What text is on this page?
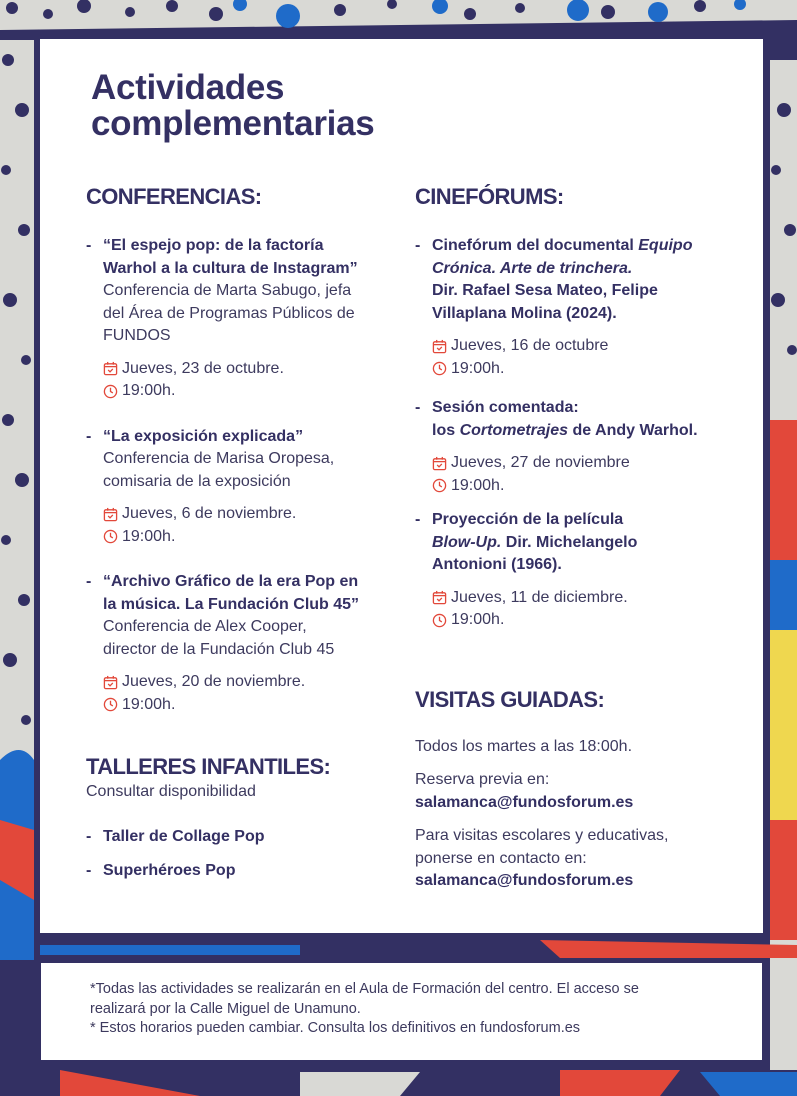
Actividades
complementarias
CONFERENCIAS:
- “El espejo pop: de la factoría
Warhol a la cultura de Instagram”
Conferencia de Marta Sabugo, jefa
del Área de Programas Públicos de
FUNDOS
Jueves, 23 de octubre.
19:00h.
- “La exposición explicada”
Conferencia de Marisa Oropesa,
comisaria de la exposición
Jueves, 6 de noviembre.
19:00h.
- “Archivo Gráfico de la era Pop en
la música. La Fundación Club 45”
Conferencia de Alex Cooper,
director de la Fundación Club 45
Jueves, 20 de noviembre.
19:00h.
TALLERES INFANTILES:
Consultar disponibilidad
- Taller de Collage Pop
- Superhéroes Pop
CINEFÓRUMS:
- Cinefórum del documental Equipo
Crónica. Arte de trinchera.
Dir. Rafael Sesa Mateo, Felipe
Villaplana Molina (2024).
Jueves, 16 de octubre
19:00h.
- Sesión comentada:
los Cortometrajes de Andy Warhol.
Jueves, 27 de noviembre
19:00h.
- Proyección de la película
Blow-Up. Dir. Michelangelo
Antonioni (1966).
Jueves, 11 de diciembre.
19:00h.
VISITAS GUIADAS:
Todos los martes a las 18:00h.
Reserva previa en:
salamanca@fundosforum.es
Para visitas escolares y educativas,
ponerse en contacto en:
salamanca@fundosforum.es
*Todas las actividades se realizarán en el Aula de Formación del centro. El acceso se
realizará por la Calle Miguel de Unamuno.
* Estos horarios pueden cambiar. Consulta los definitivos en fundosforum.es
